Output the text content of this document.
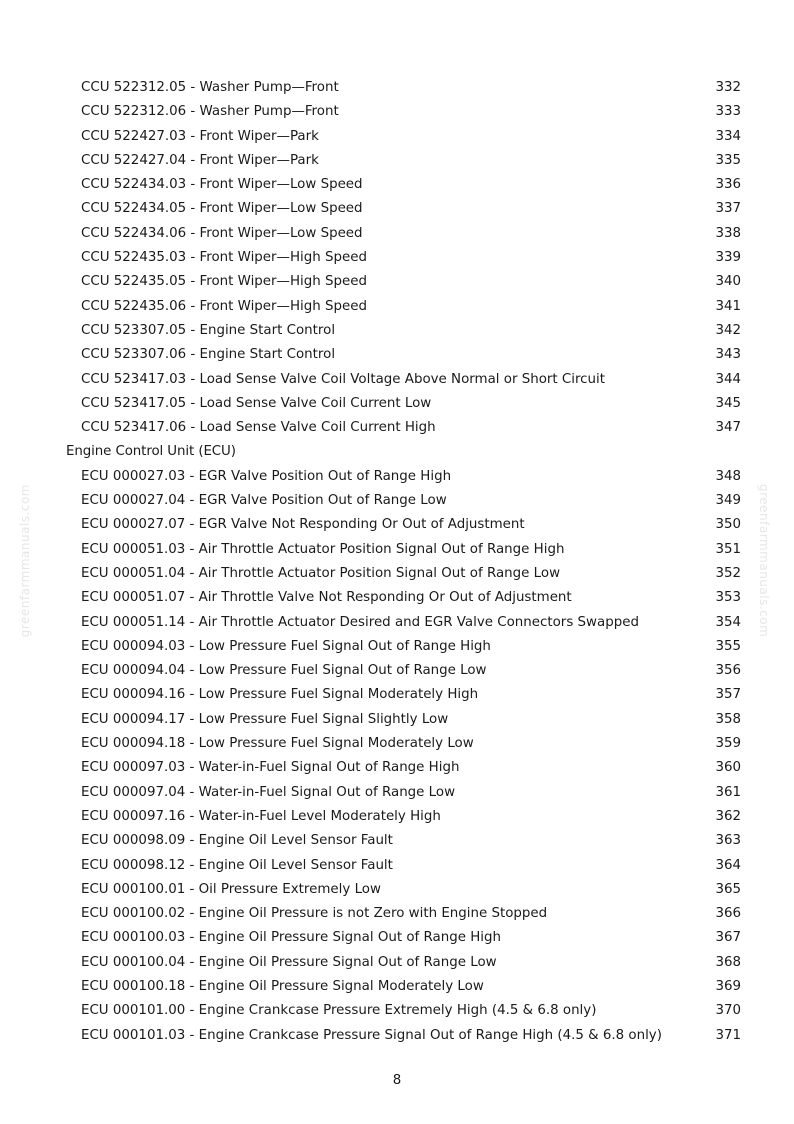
greenfarmmanuals.com	greenfarmmanuals.com
CCU 522312.05 - Washer Pump—Front	332
CCU 522312.06 - Washer Pump—Front	333
CCU 522427.03 - Front Wiper—Park	334
CCU 522427.04 - Front Wiper—Park	335
CCU 522434.03 - Front Wiper—Low Speed	336
CCU 522434.05 - Front Wiper—Low Speed	337
CCU 522434.06 - Front Wiper—Low Speed	338
CCU 522435.03 - Front Wiper—High Speed	339
CCU 522435.05 - Front Wiper—High Speed	340
CCU 522435.06 - Front Wiper—High Speed	341
CCU 523307.05 - Engine Start Control	342
CCU 523307.06 - Engine Start Control	343
CCU 523417.03 - Load Sense Valve Coil Voltage Above Normal or Short Circuit	344
CCU 523417.05 - Load Sense Valve Coil Current Low	345
CCU 523417.06 - Load Sense Valve Coil Current High	347
Engine Control Unit (ECU)
ECU 000027.03 - EGR Valve Position Out of Range High	348
ECU 000027.04 - EGR Valve Position Out of Range Low	349
ECU 000027.07 - EGR Valve Not Responding Or Out of Adjustment	350
ECU 000051.03 - Air Throttle Actuator Position Signal Out of Range High	351
ECU 000051.04 - Air Throttle Actuator Position Signal Out of Range Low	352
ECU 000051.07 - Air Throttle Valve Not Responding Or Out of Adjustment	353
ECU 000051.14 - Air Throttle Actuator Desired and EGR Valve Connectors Swapped	354
ECU 000094.03 - Low Pressure Fuel Signal Out of Range High	355
ECU 000094.04 - Low Pressure Fuel Signal Out of Range Low	356
ECU 000094.16 - Low Pressure Fuel Signal Moderately High	357
ECU 000094.17 - Low Pressure Fuel Signal Slightly Low	358
ECU 000094.18 - Low Pressure Fuel Signal Moderately Low	359
ECU 000097.03 - Water-in-Fuel Signal Out of Range High	360
ECU 000097.04 - Water-in-Fuel Signal Out of Range Low	361
ECU 000097.16 - Water-in-Fuel Level Moderately High	362
ECU 000098.09 - Engine Oil Level Sensor Fault	363
ECU 000098.12 - Engine Oil Level Sensor Fault	364
ECU 000100.01 - Oil Pressure Extremely Low	365
ECU 000100.02 - Engine Oil Pressure is not Zero with Engine Stopped	366
ECU 000100.03 - Engine Oil Pressure Signal Out of Range High	367
ECU 000100.04 - Engine Oil Pressure Signal Out of Range Low	368
ECU 000100.18 - Engine Oil Pressure Signal Moderately Low	369
ECU 000101.00 - Engine Crankcase Pressure Extremely High (4.5 & 6.8 only)	370
ECU 000101.03 - Engine Crankcase Pressure Signal Out of Range High (4.5 & 6.8 only)	371
8
